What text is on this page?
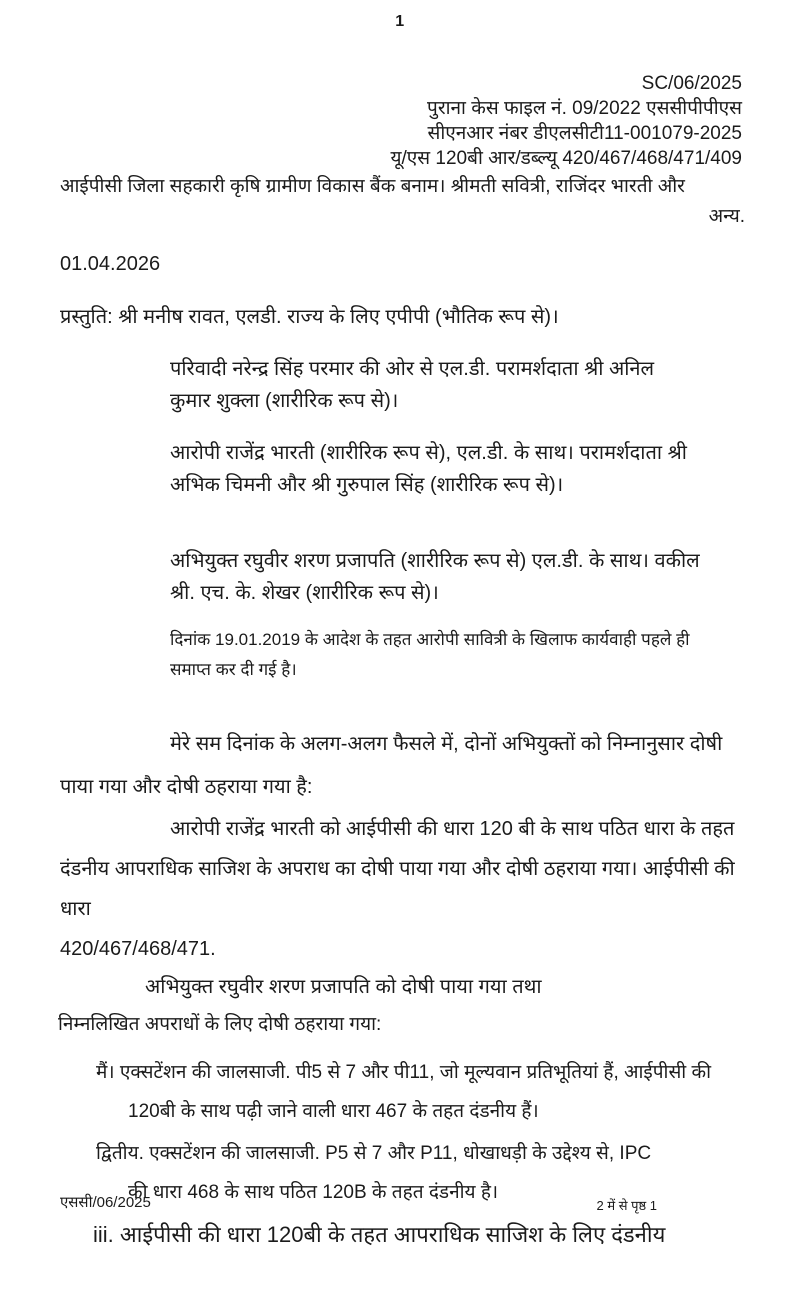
1
SC/06/2025
पुराना केस फाइल नं. 09/2022 एससीपीपीएस
सीएनआर नंबर डीएलसीटी11-001079-2025
यू/एस 120बी आर/डब्ल्यू 420/467/468/471/409
आईपीसी जिला सहकारी कृषि ग्रामीण विकास बैंक बनाम। श्रीमती सवित्री, राजिंदर भारती और
अन्य.
01.04.2026
प्रस्तुति: श्री मनीष रावत, एलडी. राज्य के लिए एपीपी (भौतिक रूप से)।
परिवादी नरेन्द्र सिंह परमार की ओर से एल.डी. परामर्शदाता श्री अनिल
कुमार शुक्ला (शारीरिक रूप से)।
आरोपी राजेंद्र भारती (शारीरिक रूप से), एल.डी. के साथ। परामर्शदाता श्री
अभिक चिमनी और श्री गुरुपाल सिंह (शारीरिक रूप से)।
अभियुक्त रघुवीर शरण प्रजापति (शारीरिक रूप से) एल.डी. के साथ। वकील
श्री. एच. के. शेखर (शारीरिक रूप से)।
दिनांक 19.01.2019 के आदेश के तहत आरोपी सावित्री के खिलाफ कार्यवाही पहले ही
समाप्त कर दी गई है।
मेरे सम दिनांक के अलग-अलग फैसले में, दोनों अभियुक्तों को निम्नानुसार दोषी
पाया गया और दोषी ठहराया गया है:
आरोपी राजेंद्र भारती को आईपीसी की धारा 120 बी के साथ पठित धारा के तहत
दंडनीय आपराधिक साजिश के अपराध का दोषी पाया गया और दोषी ठहराया गया। आईपीसी की धारा
420/467/468/471.
अभियुक्त रघुवीर शरण प्रजापति को दोषी पाया गया तथा
निम्नलिखित अपराधों के लिए दोषी ठहराया गया:
मैं। एक्सटेंशन की जालसाजी. पी5 से 7 और पी11, जो मूल्यवान प्रतिभूतियां हैं, आईपीसी की
120बी के साथ पढ़ी जाने वाली धारा 467 के तहत दंडनीय हैं।
द्वितीय. एक्सटेंशन की जालसाजी. P5 से 7 और P11, धोखाधड़ी के उद्देश्य से, IPC
की धारा 468 के साथ पठित 120B के तहत दंडनीय है।
iii. आईपीसी की धारा 120बी के तहत आपराधिक साजिश के लिए दंडनीय
एससी/06/2025	2 में से पृष्ठ 1
